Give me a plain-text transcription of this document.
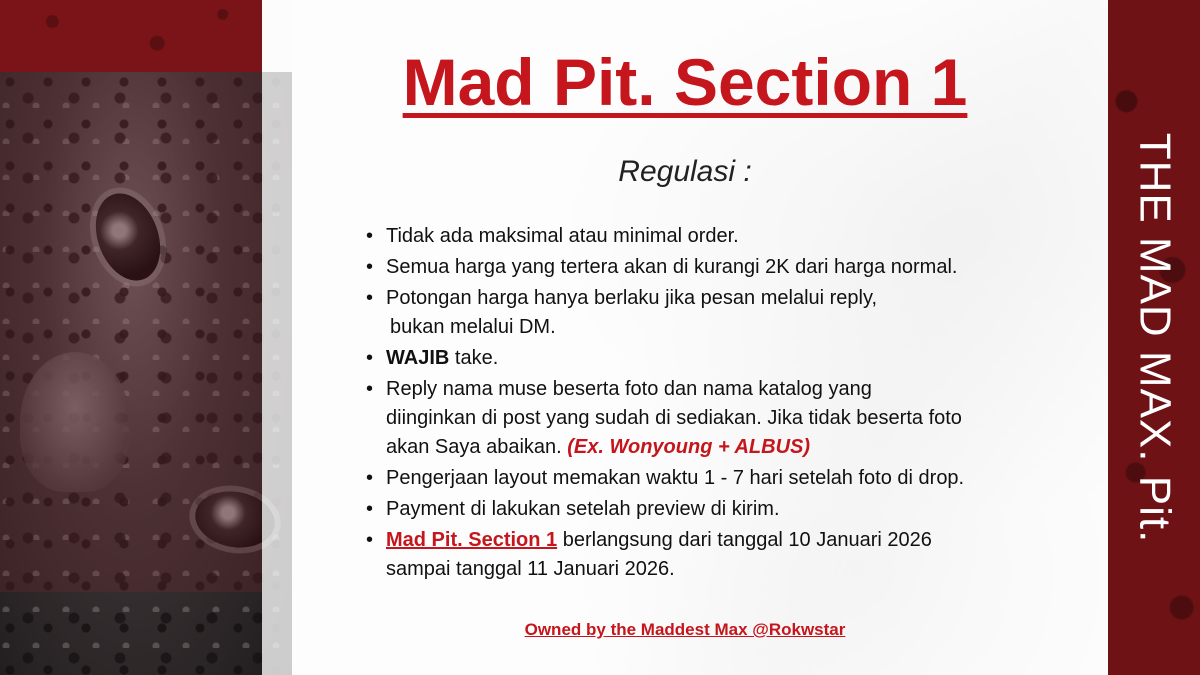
THE MAD MAX. Pit.
Mad Pit. Section 1
Regulasi :
• Tidak ada maksimal atau minimal order.
• Semua harga yang tertera akan di kurangi 2K dari harga normal.
• Potongan harga hanya berlaku jika pesan melalui reply,
bukan melalui DM.
• WAJIB take.
• Reply nama muse beserta foto dan nama katalog yang
diinginkan di post yang sudah di sediakan. Jika tidak beserta foto
akan Saya abaikan. (Ex. Wonyoung + ALBUS)
• Pengerjaan layout memakan waktu 1 - 7 hari setelah foto di drop.
• Payment di lakukan setelah preview di kirim.
• Mad Pit. Section 1 berlangsung dari tanggal 10 Januari 2026
sampai tanggal 11 Januari 2026.
Owned by the Maddest Max @Rokwstar
